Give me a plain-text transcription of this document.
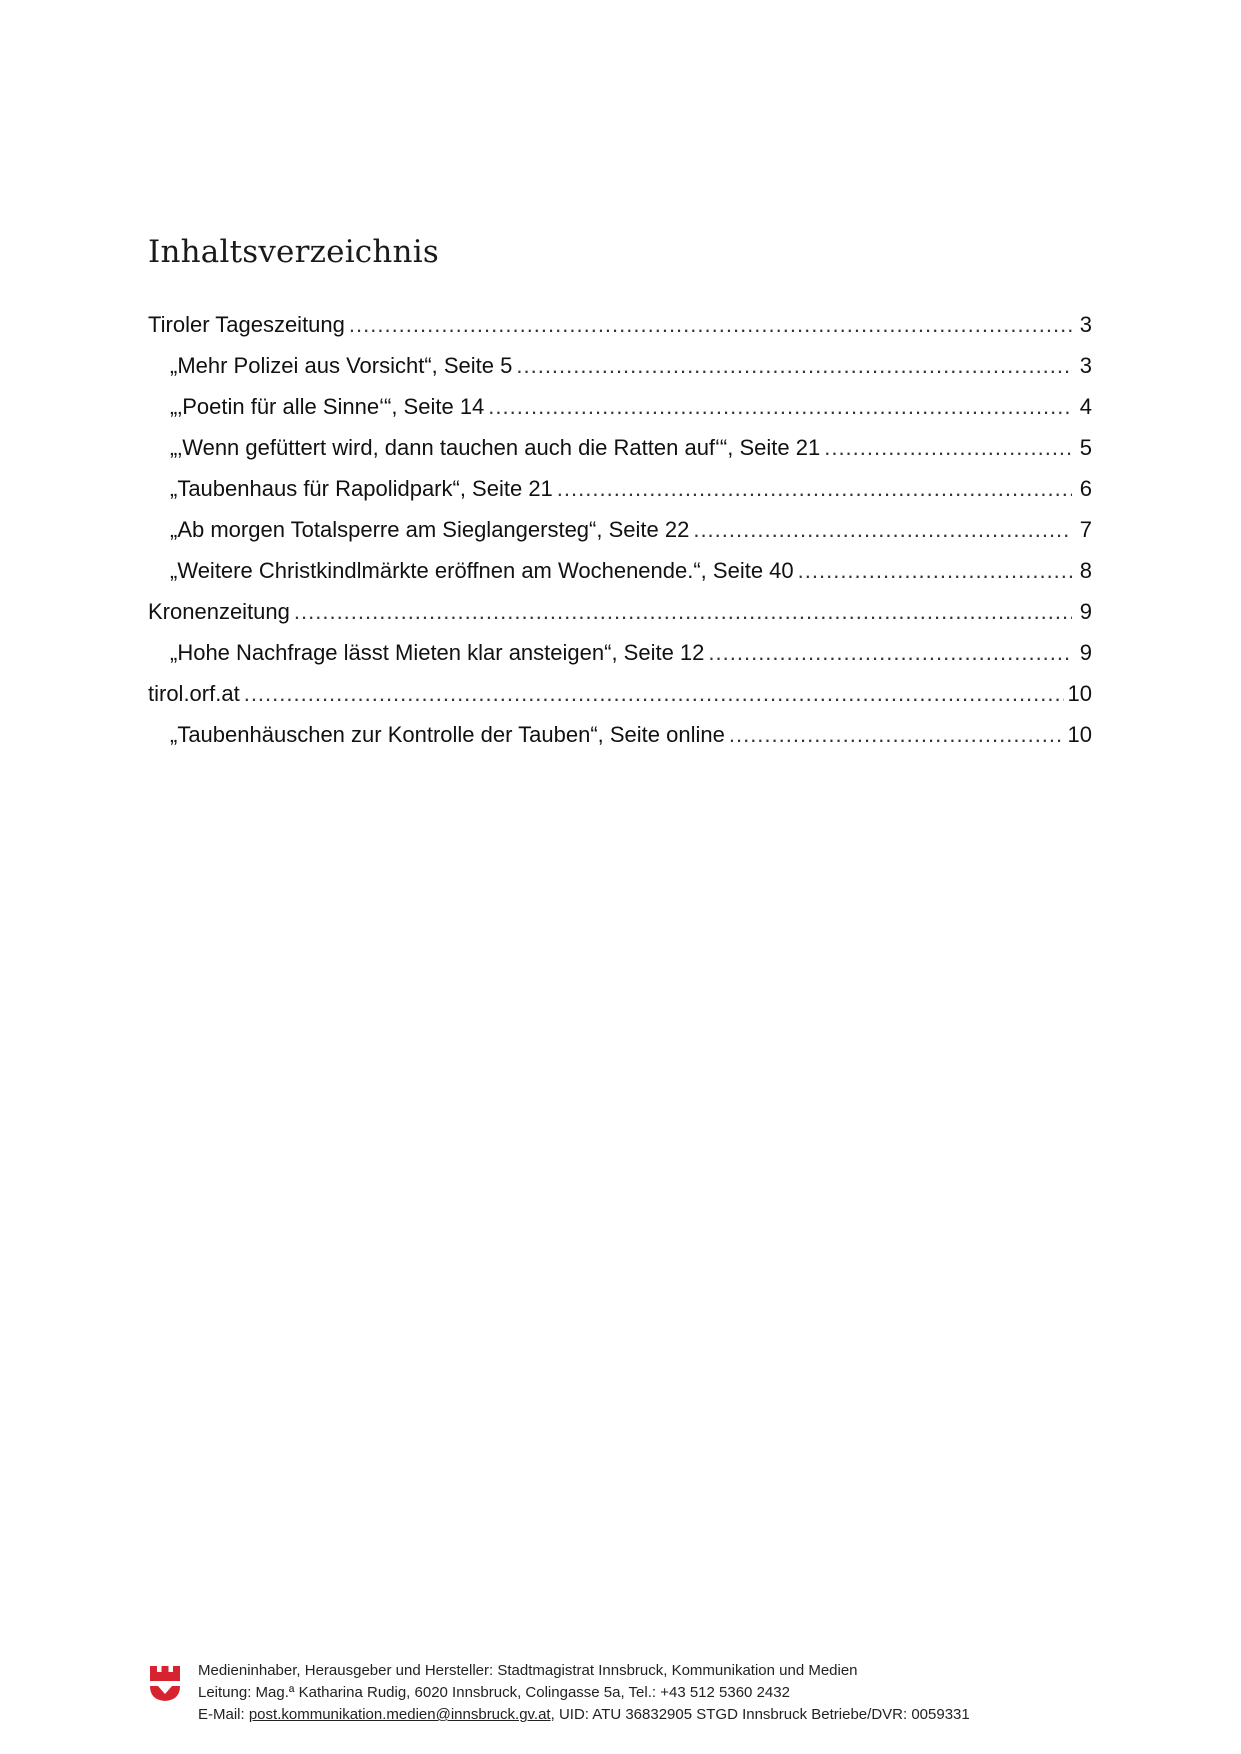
Inhaltsverzeichnis
Tiroler Tageszeitung .....	3
„Mehr Polizei aus Vorsicht“, Seite 5 .....	3
„‚Poetin für alle Sinne‘“, Seite 14 .....	4
„‚Wenn gefüttert wird, dann tauchen auch die Ratten auf‘“, Seite 21 .....	5
„Taubenhaus für Rapolidpark“, Seite 21 .....	6
„Ab morgen Totalsperre am Sieglangersteg“, Seite 22 .....	7
„Weitere Christkindlmärkte eröffnen am Wochenende.“, Seite 40 .....	8
Kronenzeitung .....	9
„Hohe Nachfrage lässt Mieten klar ansteigen“, Seite 12 .....	9
tirol.orf.at .....	10
„Taubenhäuschen zur Kontrolle der Tauben“, Seite online .....	10
Medieninhaber, Herausgeber und Hersteller: Stadtmagistrat Innsbruck, Kommunikation und Medien
Leitung: Mag.ª Katharina Rudig, 6020 Innsbruck, Colingasse 5a, Tel.: +43 512 5360 2432
E-Mail: post.kommunikation.medien@innsbruck.gv.at, UID: ATU 36832905 STGD Innsbruck Betriebe/DVR: 0059331
